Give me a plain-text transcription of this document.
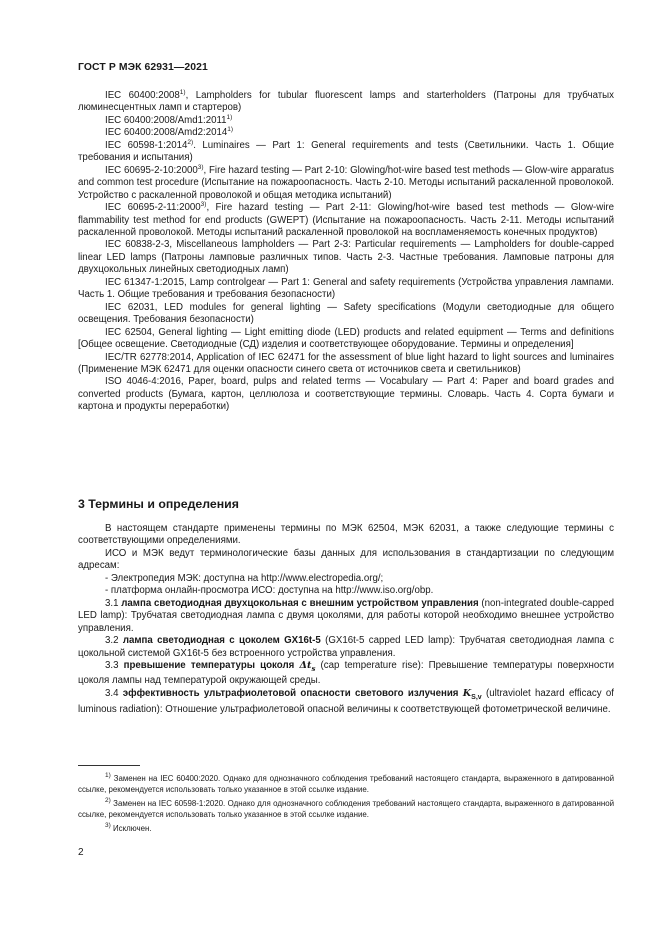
ГОСТ Р МЭК 62931—2021

IEC 60400:2008$^{1)}$, Lampholders for tubular fluorescent lamps and starterholders (Патроны для трубчатых люминесцентных ламп и стартеров)

IEC 60400:2008/Amd1:2011$^{1)}$

IEC 60400:2008/Amd2:2014$^{1)}$

IEC 60598-1:2014$^{2)}$. Luminaires — Part 1: General requirements and tests (Светильники. Часть 1. Общие требования и испытания)

IEC 60695-2-10:2000$^{3)}$, Fire hazard testing — Part 2-10: Glowing/hot-wire based test methods — Glow-wire apparatus and common test procedure (Испытание на пожароопасность. Часть 2-10. Методы испытаний раскаленной проволокой. Устройство с раскаленной проволокой и общая методика испытаний)

IEC 60695-2-11:2000$^{3)}$, Fire hazard testing — Part 2-11: Glowing/hot-wire based test methods — Glow-wire flammability test method for end products (GWEPT) (Испытание на пожароопасность. Часть 2-11. Методы испытаний раскаленной проволокой. Методы испытаний раскаленной проволокой на воспламеняемость конечных продуктов)

IEC 60838-2-3, Miscellaneous lampholders — Part 2-3: Particular requirements — Lampholders for double-capped linear LED lamps (Патроны ламповые различных типов. Часть 2-3. Частные требования. Ламповые патроны для двухцокольных линейных светодиодных ламп)

IEC 61347-1:2015, Lamp controlgear — Part 1: General and safety requirements (Устройства управления лампами. Часть 1. Общие требования и требования безопасности)

IEC 62031, LED modules for general lighting — Safety specifications (Модули светодиодные для общего освещения. Требования безопасности)

IEC 62504, General lighting — Light emitting diode (LED) products and related equipment — Terms and definitions [Общее освещение. Светодиодные (СД) изделия и соответствующее оборудование. Термины и определения]

IEC/TR 62778:2014, Application of IEC 62471 for the assessment of blue light hazard to light sources and luminaires (Применение МЭК 62471 для оценки опасности синего света от источников света и светильников)

ISO 4046-4:2016, Paper, board, pulps and related terms — Vocabulary — Part 4: Paper and board grades and converted products (Бумага, картон, целлюлоза и соответствующие термины. Словарь. Часть 4. Сорта бумаги и картона и продукты переработки)

3 Термины и определения

В настоящем стандарте применены термины по МЭК 62504, МЭК 62031, а также следующие термины с соответствующими определениями.

ИСО и МЭК ведут терминологические базы данных для использования в стандартизации по следующим адресам:

- Электропедия МЭК: доступна на http://www.electropedia.org/;

- платформа онлайн-просмотра ИСО: доступна на http://www.iso.org/obp.

3.1 лампа светодиодная двухцокольная с внешним устройством управления (non-integrated double-capped LED lamp): Трубчатая светодиодная лампа с двумя цоколями, для работы которой необходимо внешнее устройство управления.

3.2 лампа светодиодная с цоколем GX16t-5 (GX16t-5 capped LED lamp): Трубчатая светодиодная лампа с цокольной системой GX16t-5 без встроенного устройства управления.

3.3 превышение температуры цоколя $\Delta t_s$ (cap temperature rise): Превышение температуры поверхности цоколя лампы над температурой окружающей среды.

3.4 эффективность ультрафиолетовой опасности светового излучения $K_{S,v}$ (ultraviolet hazard efficacy of luminous radiation): Отношение ультрафиолетовой опасной величины к соответствующей фотометрической величине.

$^{1)}$ Заменен на IEC 60400:2020. Однако для однозначного соблюдения требований настоящего стандарта, выраженного в датированной ссылке, рекомендуется использовать только указанное в этой ссылке издание.

$^{2)}$ Заменен на IEC 60598-1:2020. Однако для однозначного соблюдения требований настоящего стандарта, выраженного в датированной ссылке, рекомендуется использовать только указанное в этой ссылке издание.

$^{3)}$ Исключен.

2
